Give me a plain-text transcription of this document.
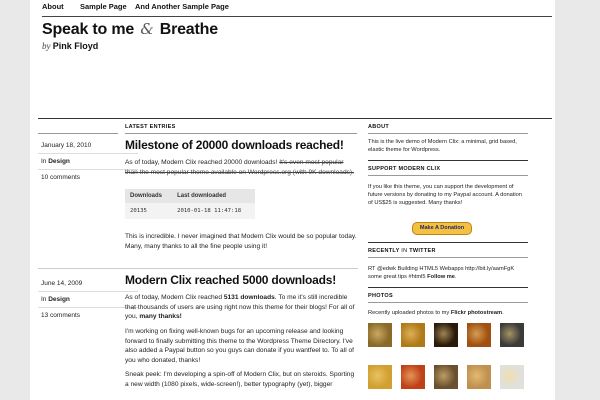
About Sample Page And Another Sample Page
Speak to me & Breathe
by Pink Floyd
LATEST ENTRIES
January 18, 2010
In Design
10 comments
Milestone of 20000 downloads reached!
As of today, Modern Clix reached 20000 downloads! It's even most popular than the most popular theme available on Wordpress.org (with 9K downloads).
Downloads	Last downloaded
20135	2010-01-18 11:47:18
This is incredible. I never imagined that Modern Clix would be so popular today. Many, many thanks to all the fine people using it!
June 14, 2009
In Design
13 comments
Modern Clix reached 5000 downloads!
As of today, Modern Clix reached 5131 downloads. To me it's still incredible that thousands of users are using right now this theme for their blogs! For all of you, many thanks!
I'm working on fixing well-known bugs for an upcoming release and looking forward to finally submitting this theme to the Wordpress Theme Directory. I've also added a Paypal button so you guys can donate if you wantfeel to. To all of you who donated, thanks!
Sneak peek: I'm developing a spin-off of Modern Clix, but on steroids. Sporting a new width (1080 pixels, wide-screen!), better typography (yet), bigger
ABOUT
This is the live demo of Modern Clix: a minimal, grid based, elastic theme for Wordpress.
SUPPORT MODERN CLIX
If you like this theme, you can support the development of future versions by donating to my Paypal account. A donation of US$25 is suggested. Many thanks!
Make A Donation
RECENTLY IN TWITTER
RT @edwk Building HTML5 Webapps http://bit.ly/aamFgK some great tips #html5 Follow me.
PHOTOS
Recently uploaded photos to my Flickr photostream.
